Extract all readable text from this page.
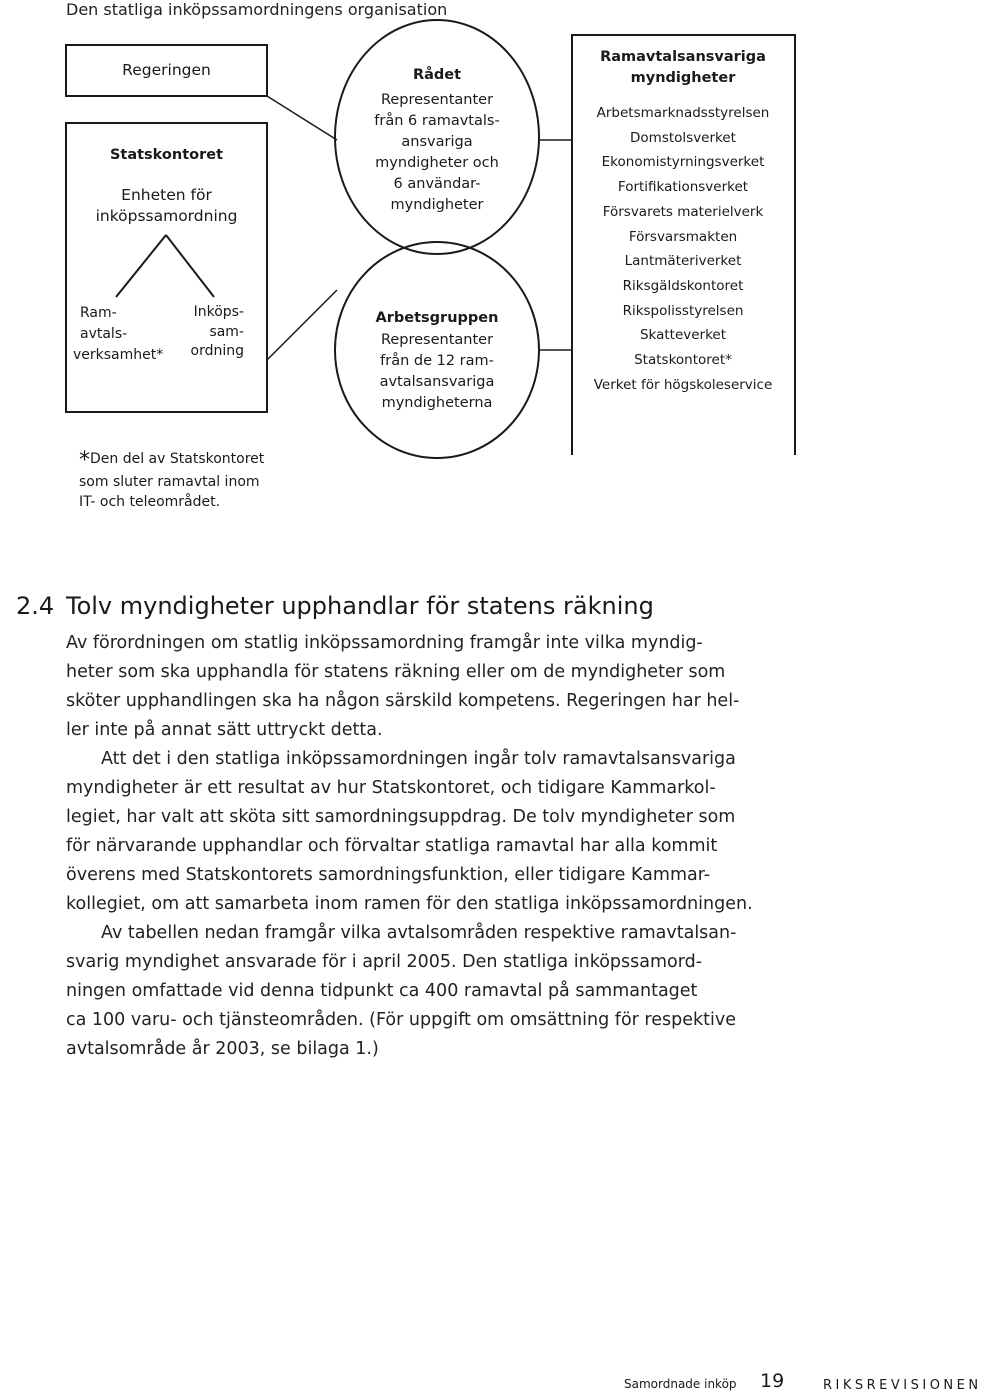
Den statliga inköpssamordningens organisation
Regeringen
Statskontoret
Enheten för
inköpssamordning
Ram-
avtals-
verksamhet*
Inköps-
sam-
ordning
Rådet
Representanter
från 6 ramavtals-
ansvariga
myndigheter och
6 användar-
myndigheter
Arbetsgruppen
Representanter
från de 12 ram-
avtalsansvariga
myndigheterna
Ramavtalsansvariga
myndigheter
Arbetsmarknadsstyrelsen
Domstolsverket
Ekonomistyrningsverket
Fortifikationsverket
Försvarets materielverk
Försvarsmakten
Lantmäteriverket
Riksgäldskontoret
Rikspolisstyrelsen
Skatteverket
Statskontoret*
Verket för högskoleservice
*Den del av Statskontoret
som sluter ramavtal inom
IT- och teleområdet.
2.4 Tolv myndigheter upphandlar för statens räkning
Av förordningen om statlig inköpssamordning framgår inte vilka myndig-
heter som ska upphandla för statens räkning eller om de myndigheter som
sköter upphandlingen ska ha någon särskild kompetens. Regeringen har hel-
ler inte på annat sätt uttryckt detta.
Att det i den statliga inköpssamordningen ingår tolv ramavtalsansvariga
myndigheter är ett resultat av hur Statskontoret, och tidigare Kammarkol-
legiet, har valt att sköta sitt samordningsuppdrag. De tolv myndigheter som
för närvarande upphandlar och förvaltar statliga ramavtal har alla kommit
överens med Statskontorets samordningsfunktion, eller tidigare Kammar-
kollegiet, om att samarbeta inom ramen för den statliga inköpssamordningen.
Av tabellen nedan framgår vilka avtalsområden respektive ramavtalsan-
svarig myndighet ansvarade för i april 2005. Den statliga inköpssamord-
ningen omfattade vid denna tidpunkt ca 400 ramavtal på sammantaget
ca 100 varu- och tjänsteområden. (För uppgift om omsättning för respektive
avtalsområde år 2003, se bilaga 1.)
Samordnade inköp 19	RIKSREVISIONEN
